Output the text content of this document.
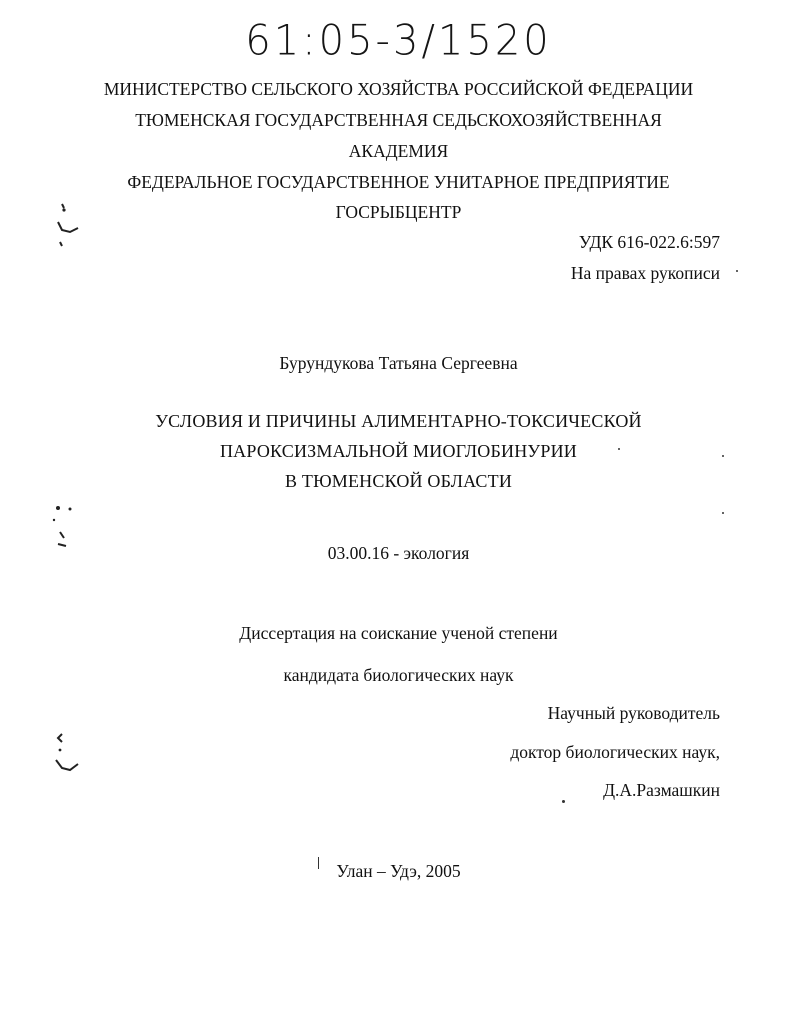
61:05-3/1520
МИНИСТЕРСТВО СЕЛЬСКОГО ХОЗЯЙСТВА РОССИЙСКОЙ ФЕДЕРАЦИИ
ТЮМЕНСКАЯ ГОСУДАРСТВЕННАЯ СЕДЬСКОХОЗЯЙСТВЕННАЯ
АКАДЕМИЯ
ФЕДЕРАЛЬНОЕ ГОСУДАРСТВЕННОЕ УНИТАРНОЕ ПРЕДПРИЯТИЕ
ГОСРЫБЦЕНТР
УДК 616-022.6:597
На правах рукописи
Бурундукова Татьяна Сергеевна
УСЛОВИЯ И ПРИЧИНЫ АЛИМЕНТАРНО-ТОКСИЧЕСКОЙ
ПАРОКСИЗМАЛЬНОЙ МИОГЛОБИНУРИИ
В ТЮМЕНСКОЙ ОБЛАСТИ
03.00.16 - экология
Диссертация на соискание ученой степени
кандидата биологических наук
Научный руководитель
доктор биологических наук,
Д.А.Размашкин
Улан – Удэ, 2005
